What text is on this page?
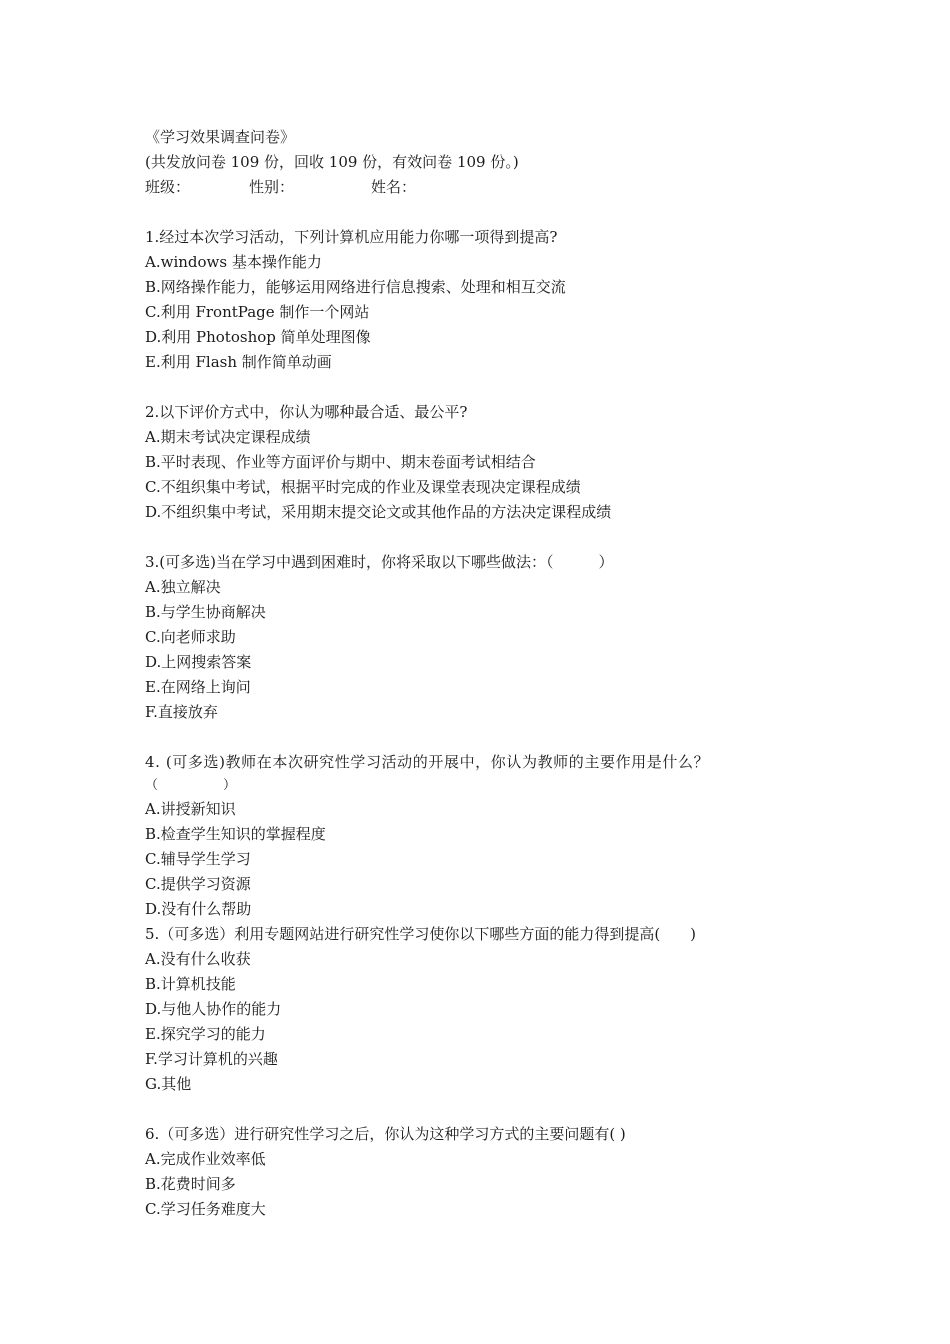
《学习效果调查问卷》
(共发放问卷 109 份，回收 109 份，有效问卷 109 份。)
班级：	性别：	姓名：
1.经过本次学习活动，下列计算机应用能力你哪一项得到提高?
A.windows 基本操作能力
B.网络操作能力，能够运用网络进行信息搜索、处理和相互交流
C.利用 FrontPage 制作一个网站
D.利用 Photoshop 简单处理图像
E.利用 Flash 制作简单动画
2.以下评价方式中，你认为哪种最合适、最公平?
A.期末考试决定课程成绩
B.平时表现、作业等方面评价与期中、期末卷面考试相结合
C.不组织集中考试，根据平时完成的作业及课堂表现决定课程成绩
D.不组织集中考试，采用期末提交论文或其他作品的方法决定课程成绩
3.(可多选)当在学习中遇到困难时，你将采取以下哪些做法：（　　　）
A.独立解决
B.与学生协商解决
C.向老师求助
D.上网搜索答案
E.在网络上询问
F.直接放弃
4. (可多选)教师在本次研究性学习活动的开展中，你认为教师的主要作用是什么？
（　　　　　）
A.讲授新知识
B.检查学生知识的掌握程度
C.辅导学生学习
C.提供学习资源
D.没有什么帮助
5.（可多选）利用专题网站进行研究性学习使你以下哪些方面的能力得到提高(　　)
A.没有什么收获
B.计算机技能
D.与他人协作的能力
E.探究学习的能力
F.学习计算机的兴趣
G.其他
6.（可多选）进行研究性学习之后，你认为这种学习方式的主要问题有( )
A.完成作业效率低
B.花费时间多
C.学习任务难度大
